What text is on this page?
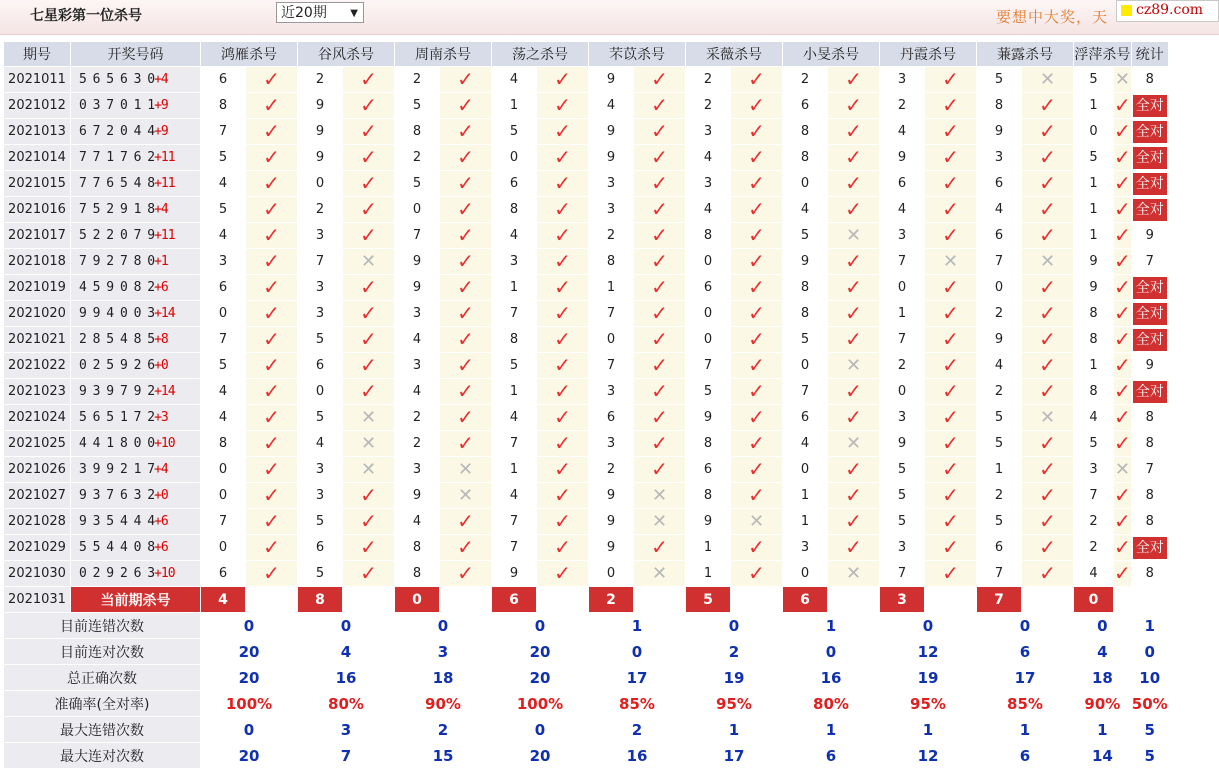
七星彩第一位杀号	近20期 ▼	要想中大奖，天 cz89.com
期号	开奖号码	鸿雁杀号		谷风杀号		周南杀号		荡之杀号		芣苡杀号		采薇杀号		小旻杀号		丹霞杀号		蒹露杀号		浮萍杀号		统计
2021011	5 6 5 6 3 0+4	6	✓	2	✓	2	✓	4	✓	9	✓	2	✓	2	✓	3	✓	5	✕	5	✕	8
2021012	0 3 7 0 1 1+9	8	✓	9	✓	5	✓	1	✓	4	✓	2	✓	6	✓	2	✓	8	✓	1	✓	全对
2021013	6 7 2 0 4 4+9	7	✓	9	✓	8	✓	5	✓	9	✓	3	✓	8	✓	4	✓	9	✓	0	✓	全对
2021014	7 7 1 7 6 2+11	5	✓	9	✓	2	✓	0	✓	9	✓	4	✓	8	✓	9	✓	3	✓	5	✓	全对
2021015	7 7 6 5 4 8+11	4	✓	0	✓	5	✓	6	✓	3	✓	3	✓	0	✓	6	✓	6	✓	1	✓	全对
2021016	7 5 2 9 1 8+4	5	✓	2	✓	0	✓	8	✓	3	✓	4	✓	4	✓	4	✓	4	✓	1	✓	全对
2021017	5 2 2 0 7 9+11	4	✓	3	✓	7	✓	4	✓	2	✓	8	✓	5	✕	3	✓	6	✓	1	✓	9
2021018	7 9 2 7 8 0+1	3	✓	7	✕	9	✓	3	✓	8	✓	0	✓	9	✓	7	✕	7	✕	9	✓	7
2021019	4 5 9 0 8 2+6	6	✓	3	✓	9	✓	1	✓	1	✓	6	✓	8	✓	0	✓	0	✓	9	✓	全对
2021020	9 9 4 0 0 3+14	0	✓	3	✓	3	✓	7	✓	7	✓	0	✓	8	✓	1	✓	2	✓	8	✓	全对
2021021	2 8 5 4 8 5+8	7	✓	5	✓	4	✓	8	✓	0	✓	0	✓	5	✓	7	✓	9	✓	8	✓	全对
2021022	0 2 5 9 2 6+0	5	✓	6	✓	3	✓	5	✓	7	✓	7	✓	0	✕	2	✓	4	✓	1	✓	9
2021023	9 3 9 7 9 2+14	4	✓	0	✓	4	✓	1	✓	3	✓	5	✓	7	✓	0	✓	2	✓	8	✓	全对
2021024	5 6 5 1 7 2+3	4	✓	5	✕	2	✓	4	✓	6	✓	9	✓	6	✓	3	✓	5	✕	4	✓	8
2021025	4 4 1 8 0 0+10	8	✓	4	✕	2	✓	7	✓	3	✓	8	✓	4	✕	9	✓	5	✓	5	✓	8
2021026	3 9 9 2 1 7+4	0	✓	3	✕	3	✕	1	✓	2	✓	6	✓	0	✓	5	✓	1	✓	3	✕	7
2021027	9 3 7 6 3 2+0	0	✓	3	✓	9	✕	4	✓	9	✕	8	✓	1	✓	5	✓	2	✓	7	✓	8
2021028	9 3 5 4 4 4+6	7	✓	5	✓	4	✓	7	✓	9	✕	9	✕	1	✓	5	✓	5	✓	2	✓	8
2021029	5 5 4 4 0 8+6	0	✓	6	✓	8	✓	7	✓	9	✓	1	✓	3	✓	3	✓	6	✓	2	✓	全对
2021030	0 2 9 2 6 3+10	6	✓	5	✓	8	✓	9	✓	0	✕	1	✓	0	✕	7	✓	7	✓	4	✓	8
2021031	当前期杀号	4		8		0		6		2		5		6		3		7		0		
目前连错次数		0		0		0		0		1		0		1		0		0		0		1
目前连对次数		20		4		3		20		0		2		0		12		6		4		0
总正确次数		20		16		18		20		17		19		16		19		17		18		10
准确率(全对率)		100%		80%		90%		100%		85%		95%		80%		95%		85%		90%		50%
最大连错次数		0		3		2		0		2		1		1		1		1		1		5
最大连对次数		20		7		15		20		16		17		6		12		6		14		5
